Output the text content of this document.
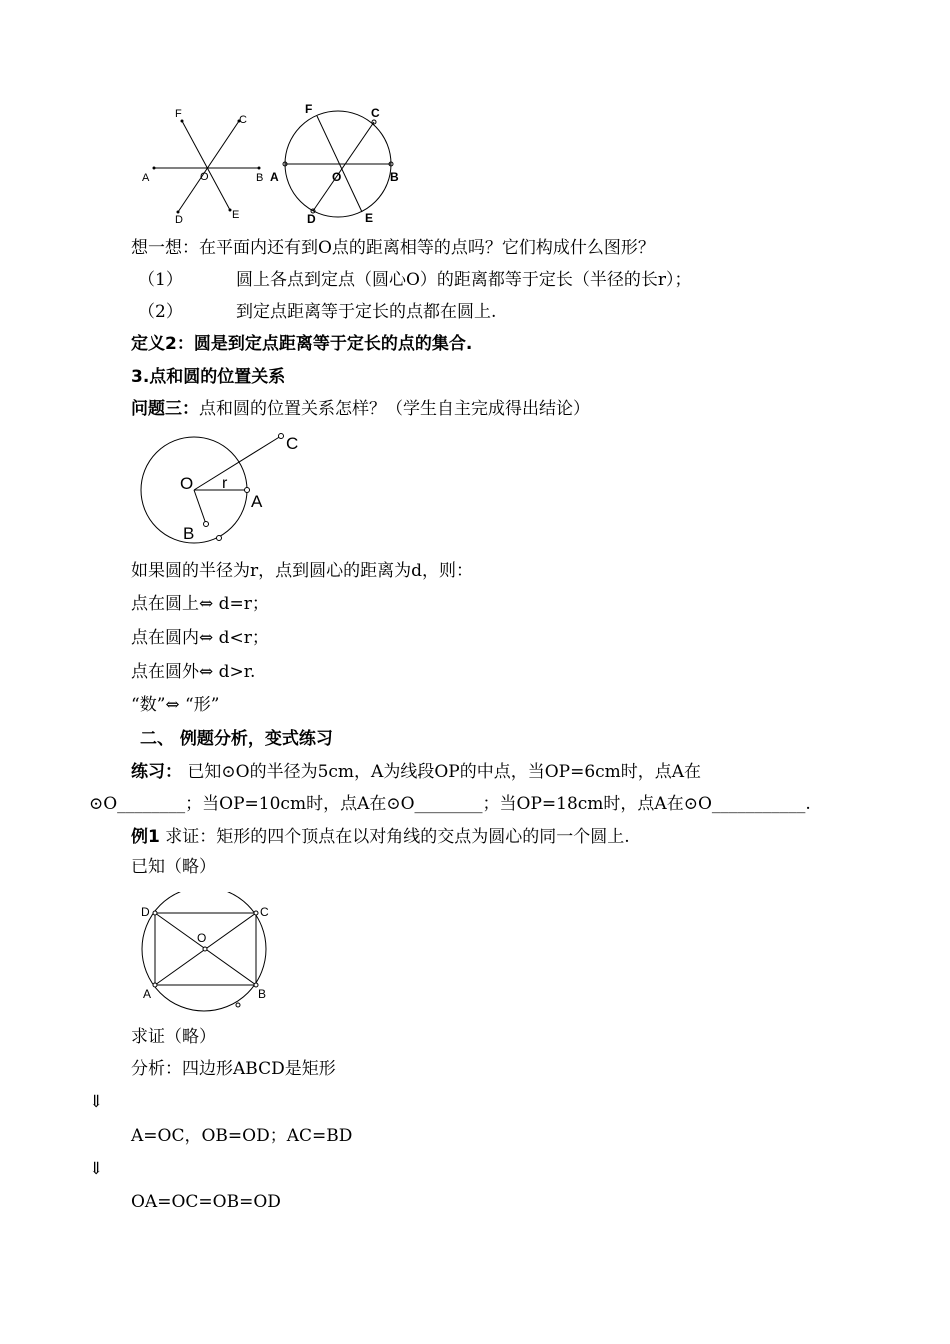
F	C
A	O	B
D	E
F	C
A	O	B
D	E
想一想：在平面内还有到O点的距离相等的点吗？它们构成什么图形？
（1）	圆上各点到定点（圆心O）的距离都等于定长（半径的长r）；
（2）	到定点距离等于定长的点都在圆上.
定义2：圆是到定点距离等于定长的点的集合.
3.点和圆的位置关系
问题三：点和圆的位置关系怎样？（学生自主完成得出结论）
C
O r
A
B
如果圆的半径为r，点到圆心的距离为d，则：
点在圆上⇔ d=r；
点在圆内⇔ d<r；
点在圆外⇔ d>r.
“数”⇔ “形”
二、 例题分析，变式练习
练习： 已知⊙O的半径为5cm，A为线段OP的中点，当OP=6cm时，点A在
⊙O________；当OP=10cm时，点A在⊙O________；当OP=18cm时，点A在⊙O___________.
例1 求证：矩形的四个顶点在以对角线的交点为圆心的同一个圆上.
已知（略）
D	C
O
A	B
求证（略）
分析：四边形ABCD是矩形
⇓
A=OC，OB=OD；AC=BD
⇓
OA=OC=OB=OD
